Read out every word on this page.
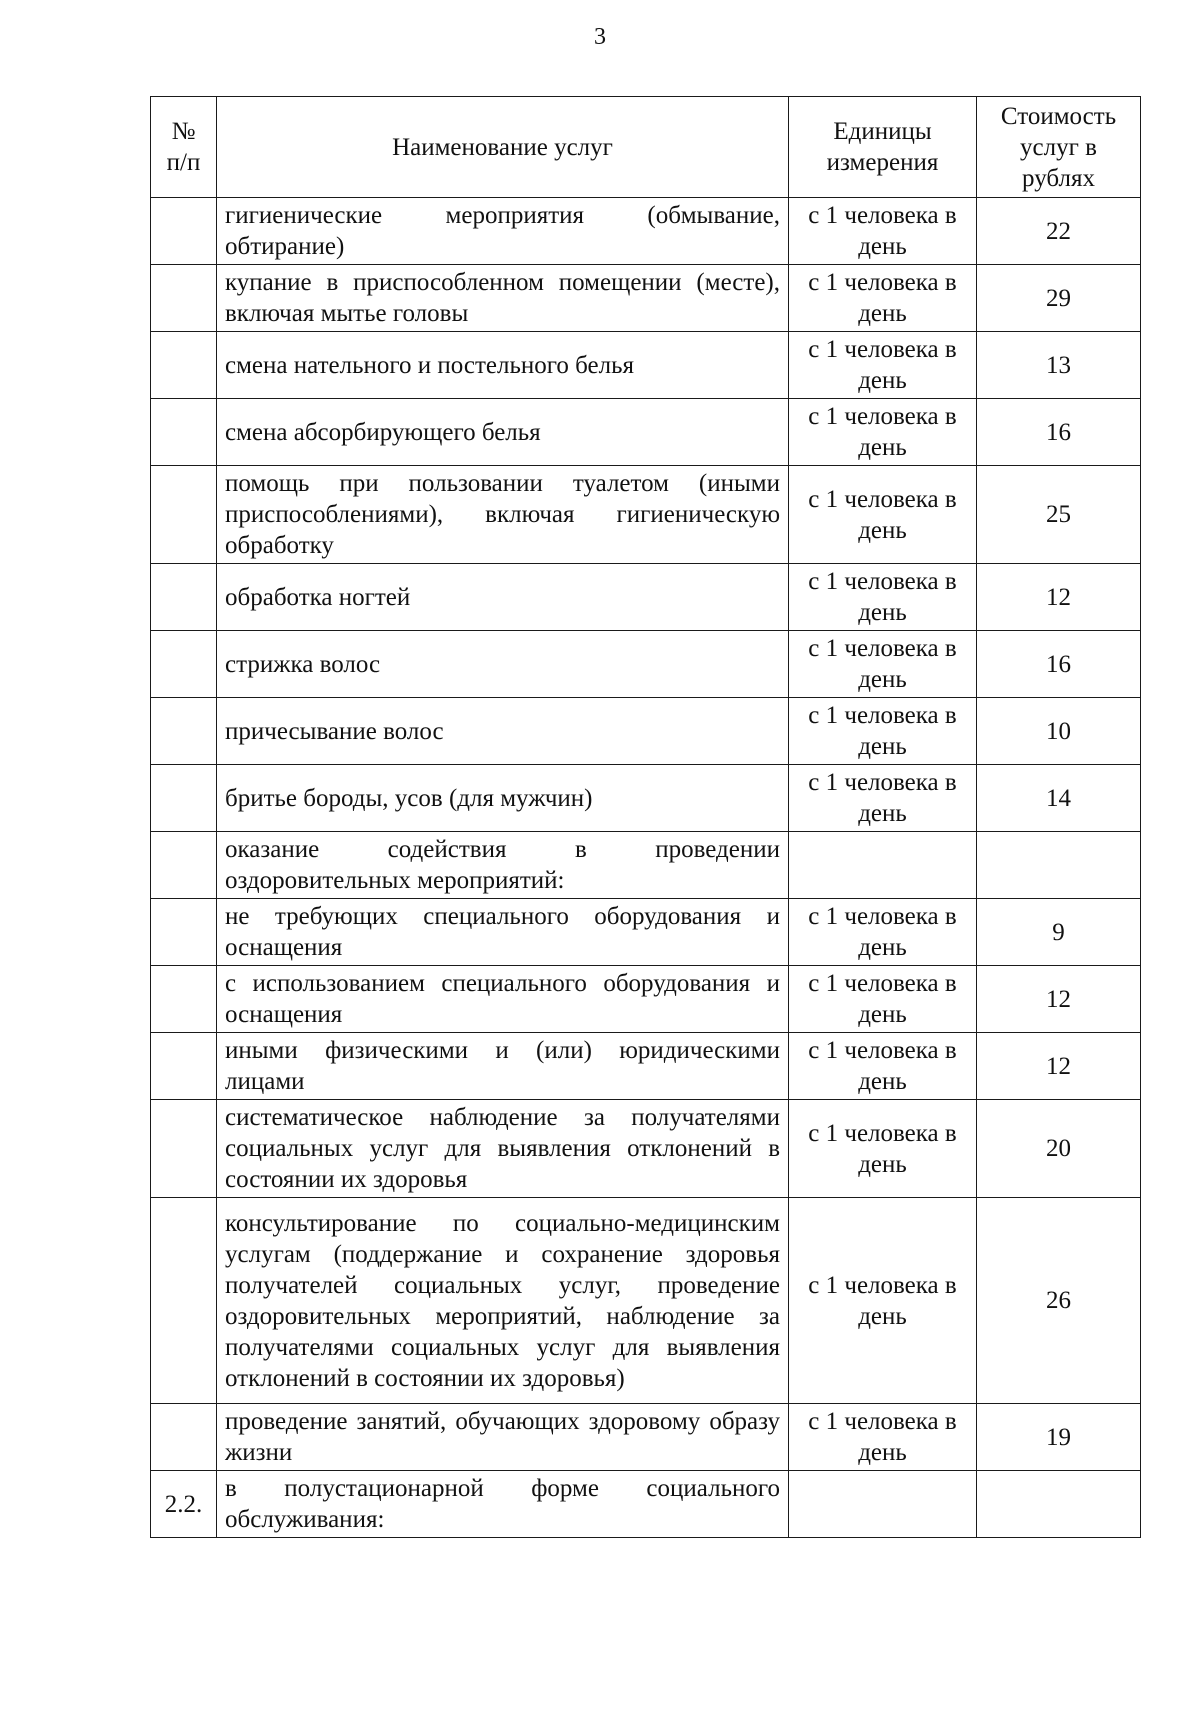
3
№ п/п	Наименование услуг	Единицы измерения	Стоимость услуг в рублях
	гигиенические мероприятия (обмывание, обтирание)	с 1 человека в день	22
	купание в приспособленном помещении (месте), включая мытье головы	с 1 человека в день	29
	смена нательного и постельного белья	с 1 человека в день	13
	смена абсорбирующего белья	с 1 человека в день	16
	помощь при пользовании туалетом (иными приспособлениями), включая гигиеническую обработку	с 1 человека в день	25
	обработка ногтей	с 1 человека в день	12
	стрижка волос	с 1 человека в день	16
	причесывание волос	с 1 человека в день	10
	бритье бороды, усов (для мужчин)	с 1 человека в день	14
	оказание содействия в проведении оздоровительных мероприятий:		
	не требующих специального оборудования и оснащения	с 1 человека в день	9
	с использованием специального оборудования и оснащения	с 1 человека в день	12
	иными физическими и (или) юридическими лицами	с 1 человека в день	12
	систематическое наблюдение за получателями социальных услуг для выявления отклонений в состоянии их здоровья	с 1 человека в день	20
	консультирование по социально-медицинским услугам (поддержание и сохранение здоровья получателей социальных услуг, проведение оздоровительных мероприятий, наблюдение за получателями социальных услуг для выявления отклонений в состоянии их здоровья)	с 1 человека в день	26
	проведение занятий, обучающих здоровому образу жизни	с 1 человека в день	19
2.2.	в полустационарной форме социального обслуживания:		
